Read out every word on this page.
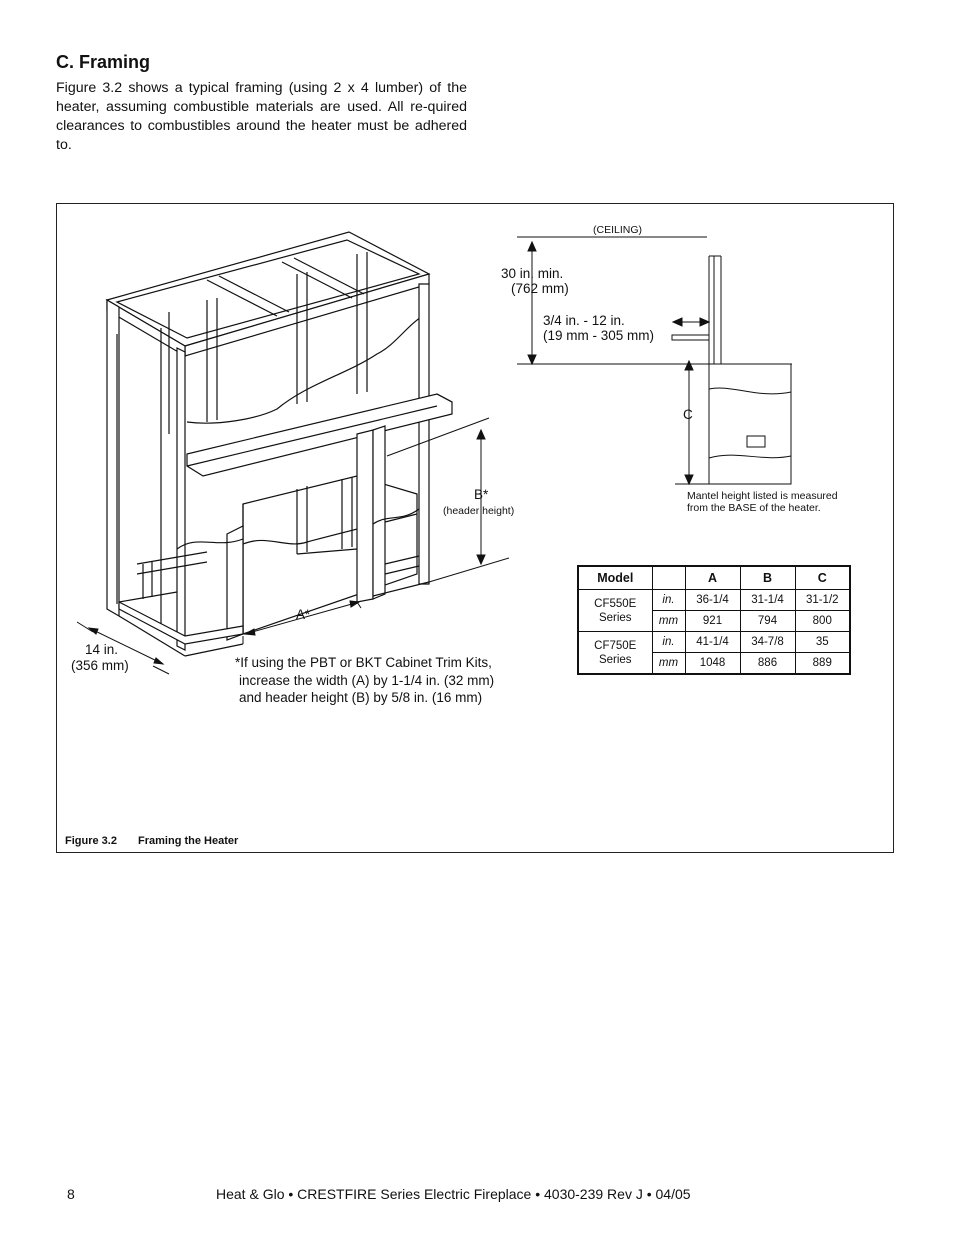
C. Framing

Figure 3.2 shows a typical framing (using 2 x 4 lumber) of the heater, assuming combustible materials are used. All re-quired clearances to combustibles around the heater must be adhered to.

(CEILING)
30 in. min.
(762 mm)
3/4 in. - 12 in.
(19 mm - 305 mm)
C
Mantel height listed is measured
from the BASE of the heater.
B*
(header height)
A*
14 in.
(356 mm)	*If using the PBT or BKT Cabinet Trim Kits,
increase the width (A) by 1-1/4 in. (32 mm)
and header height (B) by 5/8 in. (16 mm)
Model		A	B	C

CF550E
Series	in.	36-1/4	31-1/4	31-1/2
	mm	921	794	800

CF750E
Series	in.	41-1/4	34-7/8	35
	mm	1048	886	889
Figure 3.2 Framing the Heater
8	Heat & Glo • CRESTFIRE Series Electric Fireplace • 4030-239 Rev J • 04/05
